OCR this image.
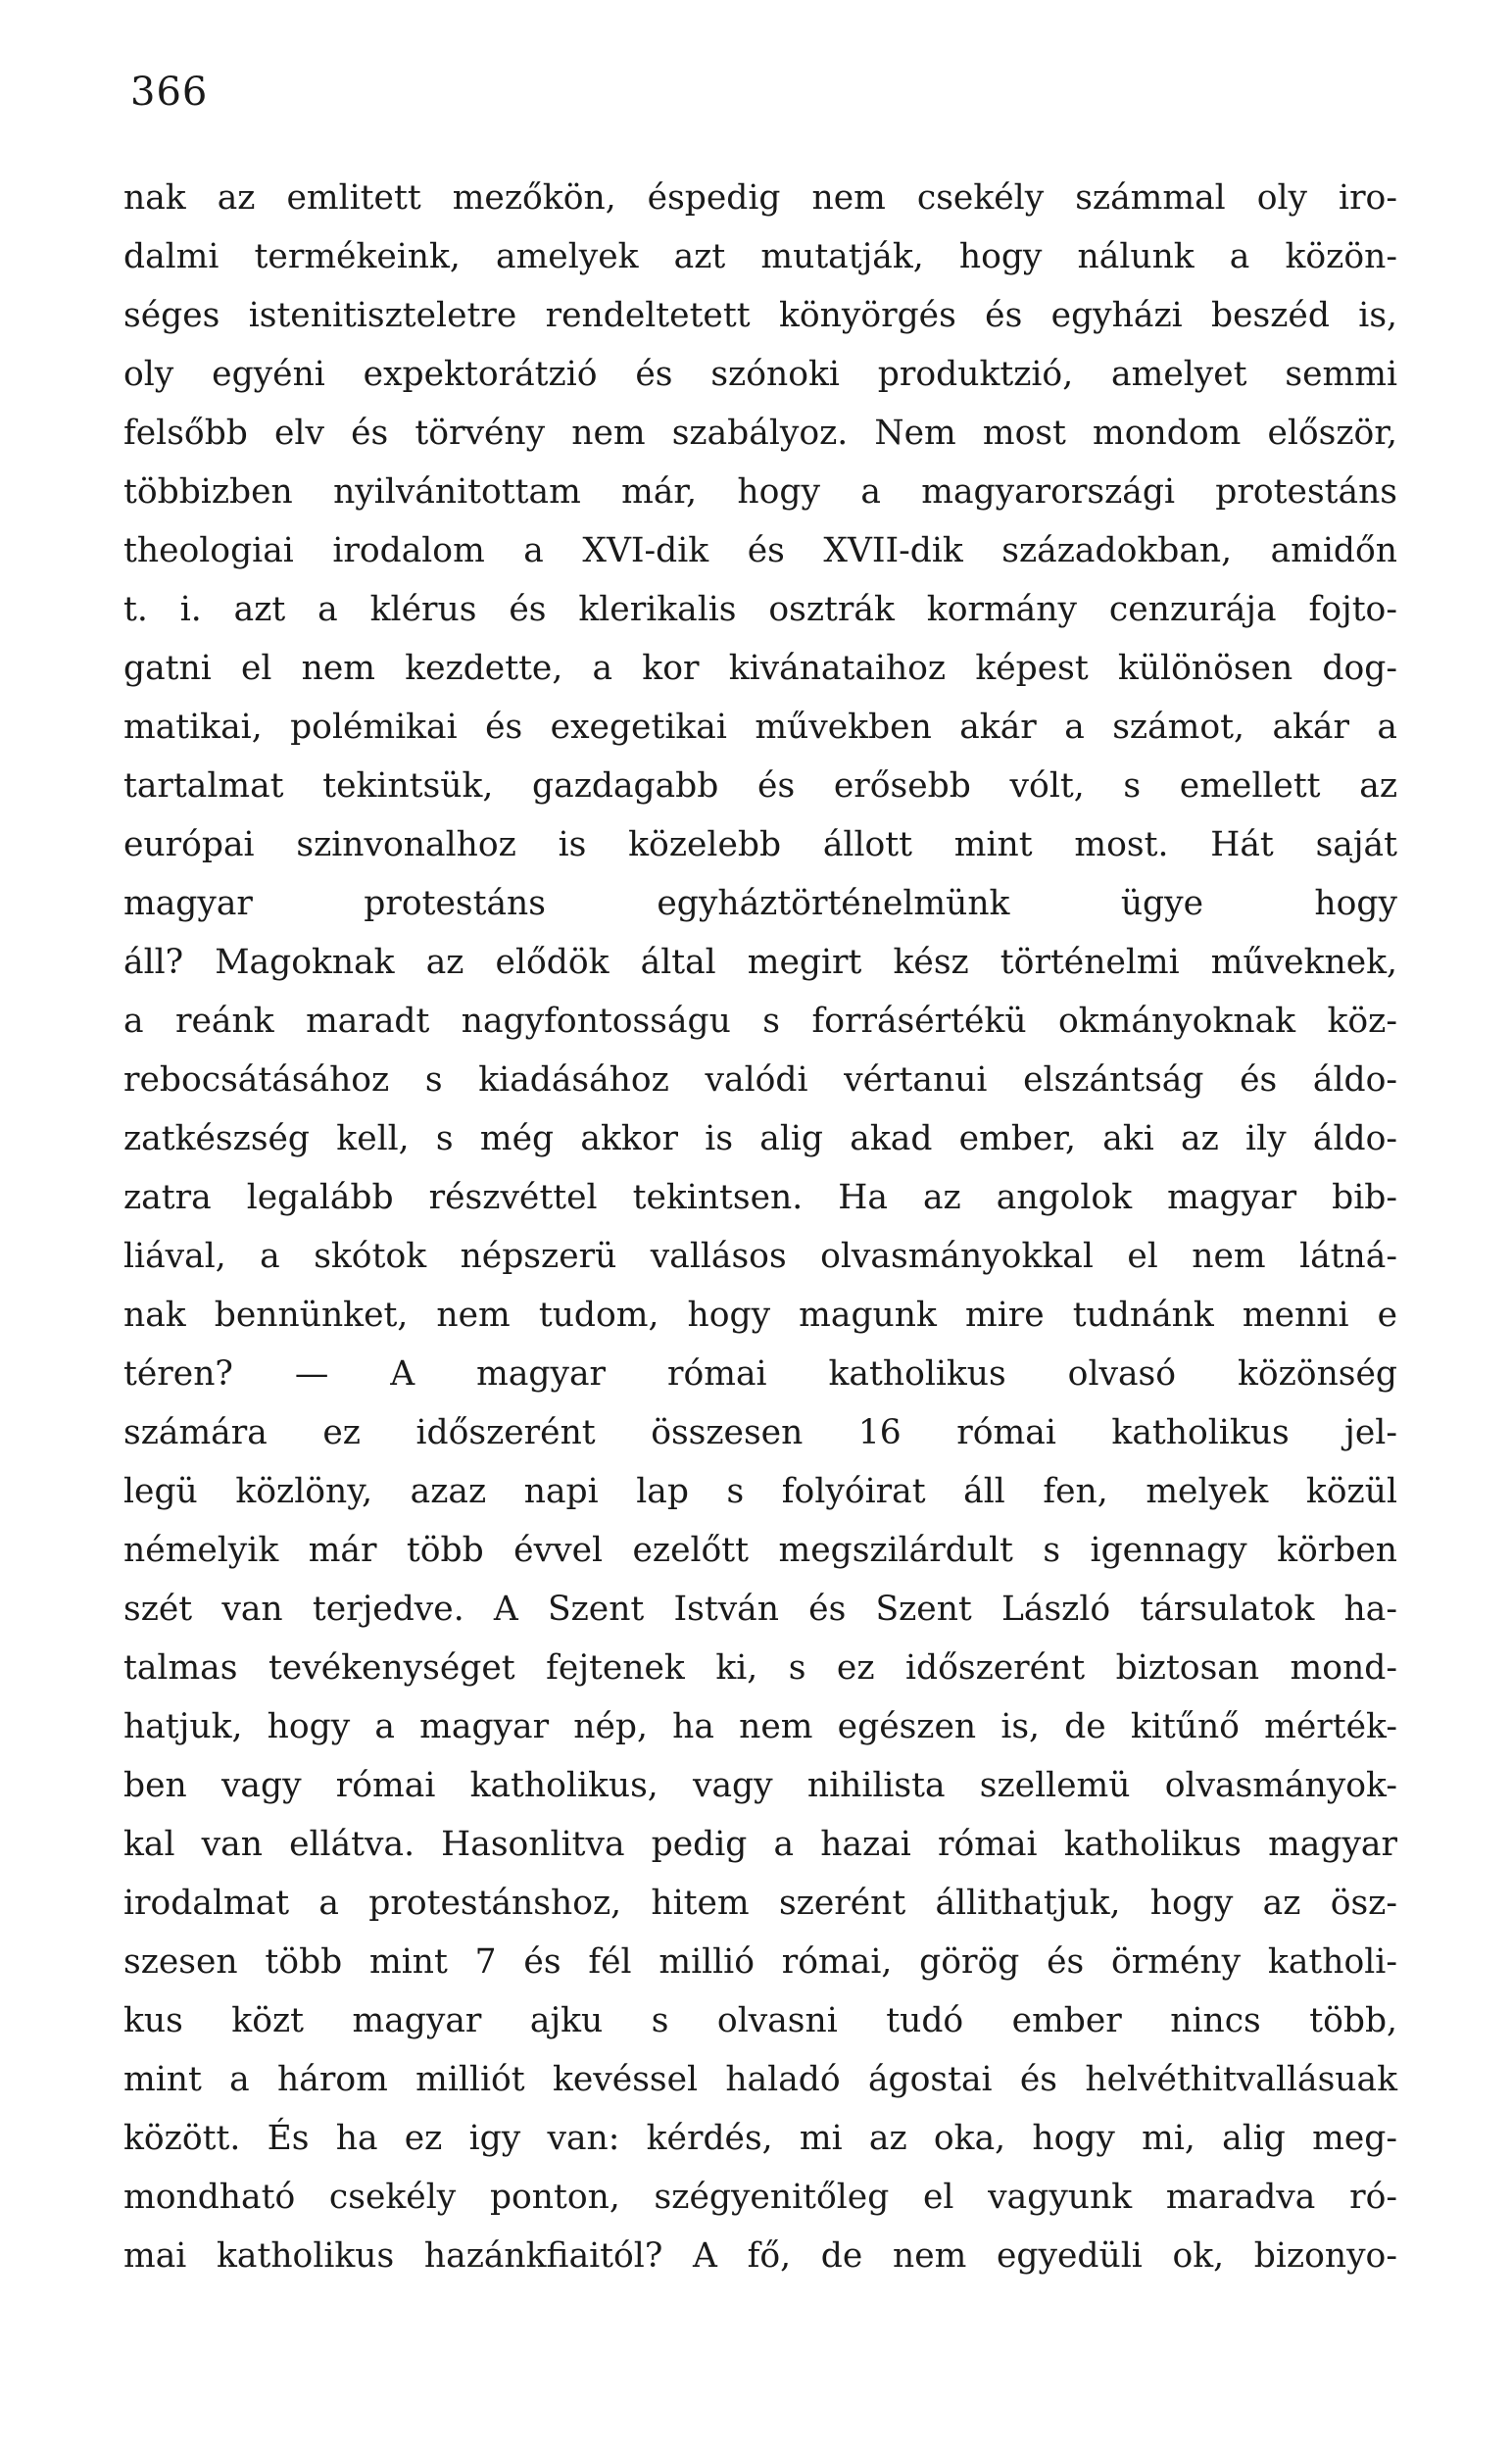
366
nak az emlitett mezőkön, éspedig nem csekély számmal oly iro-
dalmi termékeink, amelyek azt mutatják, hogy nálunk a közön-
séges istenitiszteletre rendeltetett könyörgés és egyházi beszéd is,
oly egyéni expektorátzió és szónoki produktzió, amelyet semmi
felsőbb elv és törvény nem szabályoz. Nem most mondom először,
többizben nyilvánitottam már, hogy a magyarországi protestáns
theologiai irodalom a XVI-dik és XVII-dik századokban, amidőn
t. i. azt a klérus és klerikalis osztrák kormány cenzurája fojto-
gatni el nem kezdette, a kor kivánataihoz képest különösen dog-
matikai, polémikai és exegetikai művekben akár a számot, akár a
tartalmat tekintsük, gazdagabb és erősebb vólt, s emellett az
európai szinvonalhoz is közelebb állott mint most. Hát saját
magyar protestáns egyháztörténelmünk ügye hogy
áll? Magoknak az elődök által megirt kész történelmi műveknek,
a reánk maradt nagyfontosságu s forrásértékü okmányoknak köz-
rebocsátásához s kiadásához valódi vértanui elszántság és áldo-
zatkészség kell, s még akkor is alig akad ember, aki az ily áldo-
zatra legalább részvéttel tekintsen. Ha az angolok magyar bib-
liával, a skótok népszerü vallásos olvasmányokkal el nem látná-
nak bennünket, nem tudom, hogy magunk mire tudnánk menni e
téren? — A magyar római katholikus olvasó közönség
számára ez időszerént összesen 16 római katholikus jel-
legü közlöny, azaz napi lap s folyóirat áll fen, melyek közül
némelyik már több évvel ezelőtt megszilárdult s igennagy körben
szét van terjedve. A Szent István és Szent László társulatok ha-
talmas tevékenységet fejtenek ki, s ez időszerént biztosan mond-
hatjuk, hogy a magyar nép, ha nem egészen is, de kitűnő mérték-
ben vagy római katholikus, vagy nihilista szellemü olvasmányok-
kal van ellátva. Hasonlitva pedig a hazai római katholikus magyar
irodalmat a protestánshoz, hitem szerént állithatjuk, hogy az ösz-
szesen több mint 7 és fél millió római, görög és örmény katholi-
kus közt magyar ajku s olvasni tudó ember nincs több,
mint a három milliót kevéssel haladó ágostai és helvéthitvallásuak
között. És ha ez igy van: kérdés, mi az oka, hogy mi, alig meg-
mondható csekély ponton, szégyenitőleg el vagyunk maradva ró-
mai katholikus hazánkfiaitól? A fő, de nem egyedüli ok, bizonyo-
